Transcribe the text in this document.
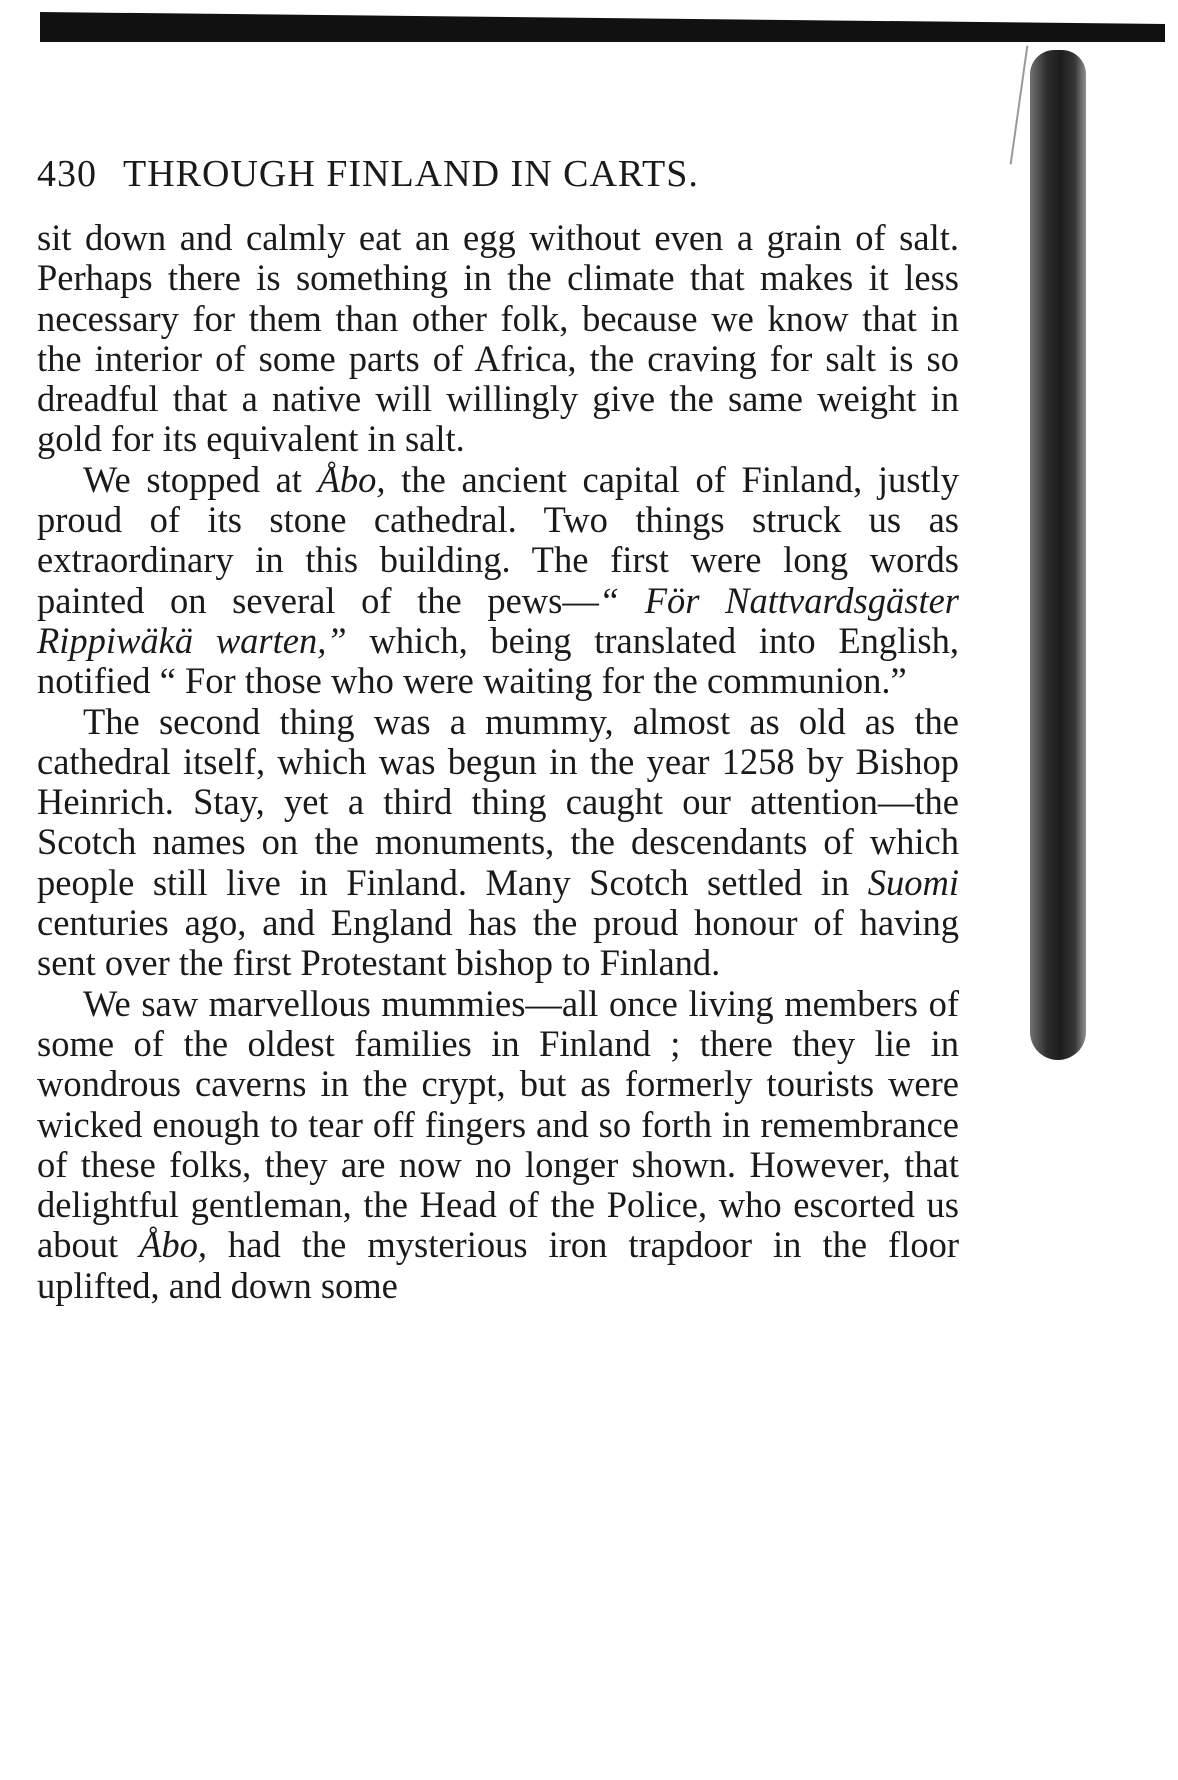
430 THROUGH FINLAND IN CARTS.

sit down and calmly eat an egg without even a grain of salt. Perhaps there is something in the climate that makes it less necessary for them than other folk, because we know that in the interior of some parts of Africa, the craving for salt is so dreadful that a native will willingly give the same weight in gold for its equivalent in salt.

We stopped at Åbo, the ancient capital of Finland, justly proud of its stone cathedral. Two things struck us as extraordinary in this building. The first were long words painted on several of the pews—“ För Nattvardsgäster Rippiwäkä warten,” which, being translated into English, notified “ For those who were waiting for the communion.”

The second thing was a mummy, almost as old as the cathedral itself, which was begun in the year 1258 by Bishop Heinrich. Stay, yet a third thing caught our attention—the Scotch names on the monuments, the descendants of which people still live in Finland. Many Scotch settled in Suomi centuries ago, and England has the proud honour of having sent over the first Protestant bishop to Finland.

We saw marvellous mummies—all once living members of some of the oldest families in Finland ; there they lie in wondrous caverns in the crypt, but as formerly tourists were wicked enough to tear off fingers and so forth in remembrance of these folks, they are now no longer shown. However, that delightful gentleman, the Head of the Police, who escorted us about Åbo, had the mysterious iron trapdoor in the floor uplifted, and down some
